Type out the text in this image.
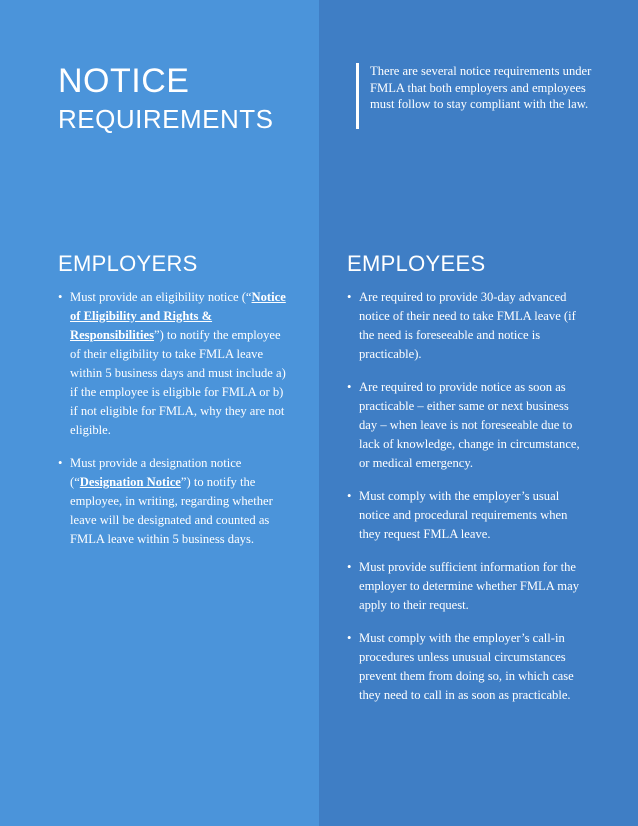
NOTICE
REQUIREMENTS

There are several notice requirements under FMLA that both employers and employees must follow to stay compliant with the law.

EMPLOYERS
• Must provide an eligibility notice (“Notice of Eligibility and Rights & Responsibilities”) to notify the employee of their eligibility to take FMLA leave within 5 business days and must include a) if the employee is eligible for FMLA or b) if not eligible for FMLA, why they are not eligible.
• Must provide a designation notice (“Designation Notice”) to notify the employee, in writing, regarding whether leave will be designated and counted as FMLA leave within 5 business days.
EMPLOYEES
• Are required to provide 30-day advanced notice of their need to take FMLA leave (if the need is foreseeable and notice is practicable).
• Are required to provide notice as soon as practicable – either same or next business day – when leave is not foreseeable due to lack of knowledge, change in circumstance, or medical emergency.
• Must comply with the employer’s usual notice and procedural requirements when they request FMLA leave.
• Must provide sufficient information for the employer to determine whether FMLA may apply to their request.
• Must comply with the employer’s call-in procedures unless unusual circumstances prevent them from doing so, in which case they need to call in as soon as practicable.
